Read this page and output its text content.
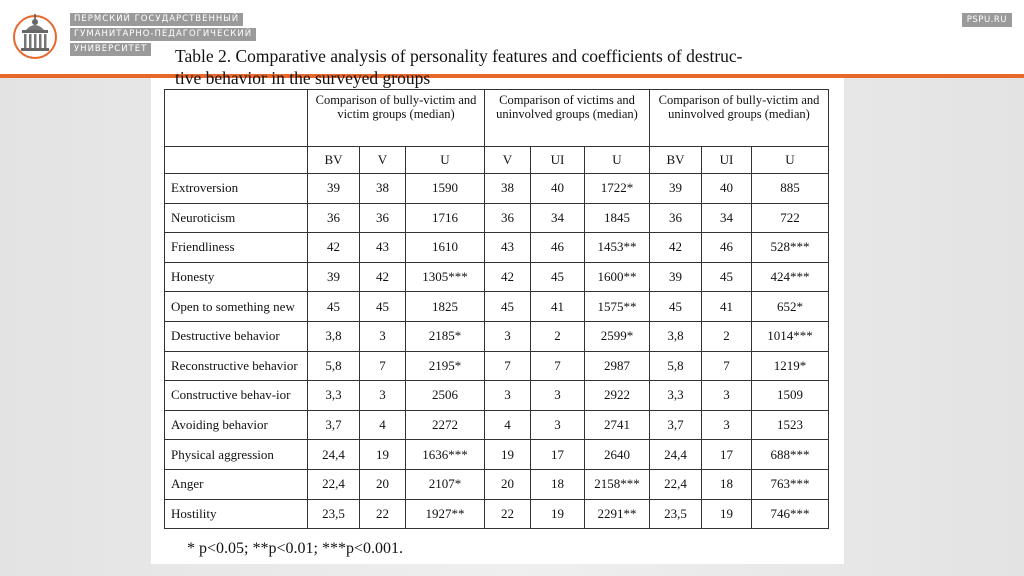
ПЕРМСКИЙ ГОСУДАРСТВЕННЫЙ
ГУМАНИТАРНО-ПЕДАГОГИЧЕСКИЙ
УНИВЕРСИТЕТ
PSPU.RU
Table 2. Comparative analysis of personality features and coefficients of destruc-
tive behavior in the surveyed groups
	Comparison of bully-victim and victim groups (median)			Comparison of victims and uninvolved groups (median)			Comparison of bully-victim and uninvolved groups (median)		
	BV	V	U	V	UI	U	BV	UI	U
Extroversion	39	38	1590	38	40	1722*	39	40	885
Neuroticism	36	36	1716	36	34	1845	36	34	722
Friendliness	42	43	1610	43	46	1453**	42	46	528***
Honesty	39	42	1305***	42	45	1600**	39	45	424***
Open to something new	45	45	1825	45	41	1575**	45	41	652*
Destructive behavior	3,8	3	2185*	3	2	2599*	3,8	2	1014***
Reconstructive behavior	5,8	7	2195*	7	7	2987	5,8	7	1219*
Constructive behav-ior	3,3	3	2506	3	3	2922	3,3	3	1509
Avoiding behavior	3,7	4	2272	4	3	2741	3,7	3	1523
Physical aggression	24,4	19	1636***	19	17	2640	24,4	17	688***
Anger	22,4	20	2107*	20	18	2158***	22,4	18	763***
Hostility	23,5	22	1927**	22	19	2291**	23,5	19	746***
* p<0.05; **p<0.01; ***p<0.001.
